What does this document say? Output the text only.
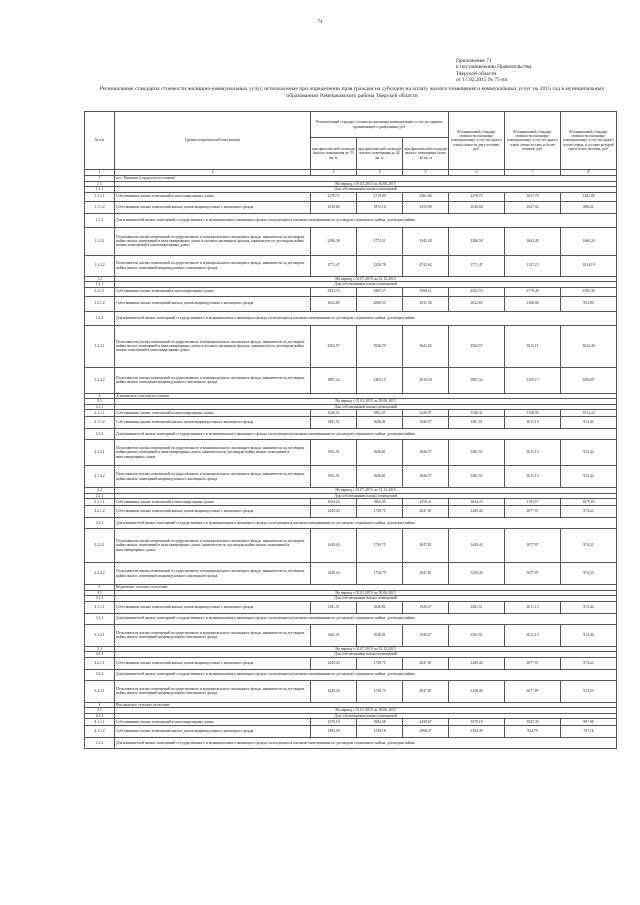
74
Приложение 71
к постановлению Правительства
Тверской области
от 17.02.2015 № 75-пп
Региональные стандарты стоимости жилищно-коммунальных услуг, используемые при определении прав граждан на субсидии на оплату жилого помещения и коммунальных услуг на 2015 год в муниципальных образованиях Рамешковского района Тверской области
№ п/п	Группа потребителей (тип жилья)	Региональный стандарт стоимости жилищно-коммунальных услуг на одиноко проживающего гражданина, руб.			Региональный стандарт стоимости жилищно-коммунальных услуг на одного члена семьи из двух человек, руб.	Региональный стандарт стоимости жилищно-коммунальных услуг на одного члена семьи из трех и более человек, руб.	Региональный стандарт стоимости жилищно-коммунальных услуг на одного члена семьи, в составе которой три и более человек, руб.
		при фактической площади жилого помещения до 33 кв. м	при фактической площади жилого помещения до 42 кв. м	при фактической площади жилого помещения более 42 кв. м			
1	2	3	4	5	6	7	8
1	пос. Рамешки (городское поселение)						
1.1	На период с 01.01.2015 по 30.06.2015						
1.1.1	Для собственников жилых помещений						
1.1.1.1	Собственники жилых помещений в многоквартирных домах	2276,75	2719,09	3261,66	2276,75	1611,78	1441,00
1.1.1.2	Собственники жилых помещений жилых домов индивидуального жилищного фонда	1536,84	1972,16	2350,88	1536,84	1027,92	886,21
1.1.2	Для нанимателей жилых помещений государственного и муниципального жилищного фонда, пользующихся жилыми помещениями по договорам социального найма, договорам найма						
1.1.2.1	Пользователи жилых помещений государственного и муниципального жилищного фонда, наниматели по договорам найма жилых помещений в многоквартирных домах в частных жилищных фондах, наниматели по договорам найма жилых помещений в многоквартирных домах	2286,58	2772,51	3345,20	2286,58	1643,49	1468,24
1.1.2.2	Пользователи жилых помещений государственного и муниципального жилищного фонда, наниматели по договорам найма жилых помещений индивидуального жилищного фонда	1771,47	2220,78	2742,62	1771,47	1137,23	1014,19
1.2	На период с 01.07.2015 по 31.12.2015						
1.2.1	Для собственников жилых помещений						
1.2.1.1	Собственники жилых помещений в многоквартирных домах	2453,74	2963,37	3560,11	2453,74	1779,49	1595,30
1.2.1.2	Собственники жилых помещений жилых домов индивидуального жилищного фонда	1652,69	2066,53	2535,36	1652,69	1166,06	953,89
1.2.2	Для нанимателей жилых помещений государственного и муниципального жилищного фонда, пользующихся жилыми помещениями по договорам социального найма, договорам найма						
1.2.2.1	Пользователи жилых помещений государственного и муниципального жилищного фонда, наниматели по договорам найма жилых помещений в многоквартирных домах в частных жилищных фондах, наниматели по договорам найма жилых помещений в многоквартирных домах	2503,57	3026,79	3641,65	2503,57	1811,11	1622,48
1.2.2.2	Пользователи жилых помещений государственного и муниципального жилищного фонда, наниматели по договорам найма жилых помещений индивидуального жилищного фонда	1887,32	2365,15	2919,50	1887,32	1255,17	1084,87
2	Алешинское сельское поселение						
2.1	На период с 01.01.2015 по 30.06.2015						
2.1.1	Для собственников жилых помещений						
2.1.1.1	Собственники жилых помещений в многоквартирных домах	1546,31	1862,01	2226,97	1546,31	1128,35	1014,24
2.1.1.2	Собственники жилых помещений жилых домов индивидуального жилищного фонда	1361,51	1626,81	1926,57	1361,51	1011,15	913,44
2.1.2	Для нанимателей жилых помещений государственного и муниципального жилищного фонда, пользующихся жилыми помещениями по договорам социального найма, договорам найма						
2.1.2.1	Пользователи жилых помещений государственного и муниципального жилищного фонда, наниматели по договорам найма жилых помещений в многоквартирных домах, наниматели по договорам найма жилых помещений в многоквартирных домах	1361,51	1626,81	1926,57	1361,51	1011,15	913,44
2.1.2.2	Пользователи жилых помещений государственного и муниципального жилищного фонда, наниматели по договорам найма жилых помещений индивидуального жилищного фонда	1361,51	1626,81	1926,57	1361,51	1011,15	913,44
2.2	На период с 01.07.2015 по 31.12.2015						
2.2.1	Для собственников жилых помещений						
2.2.1.1	Собственники жилых помещений в многоквартирных домах	1634,23	1965,95	2350,21	1634,23	1193,57	1075,03
2.2.1.2	Собственники жилых помещений жилых домов индивидуального жилищного фонда	1449,43	1730,75	2047,81	1449,43	1077,97	974,23
2.2.2	Для нанимателей жилых помещений государственного и муниципального жилищного фонда, пользующихся жилыми помещениями по договорам социального найма, договорам найма						
2.2.2.1	Пользователи жилых помещений государственного и муниципального жилищного фонда, наниматели по договорам найма жилых помещений в многоквартирных домах, наниматели по договорам найма жилых помещений в многоквартирных домах	1449,43	1730,75	2047,81	1449,43	1077,97	974,23
2.2.2.2	Пользователи жилых помещений государственного и муниципального жилищного фонда, наниматели по договорам найма жилых помещений индивидуального жилищного фонда	1449,43	1730,75	2047,81	1449,43	1077,97	974,23
3	Ведновское сельское поселение						
3.1	На период с 01.01.2015 по 30.06.2015						
3.1.1	Для собственников жилых помещений						
3.1.1.1	Собственники жилых помещений жилых домов индивидуального жилищного фонда	1361,51	1626,81	1926,57	1361,51	1011,15	913,44
3.1.2	Для нанимателей жилых помещений государственного и муниципального жилищного фонда, пользующихся жилыми помещениями по договорам социального найма, договорам найма						
3.1.2.1	Пользователи жилых помещений государственного и муниципального жилищного фонда, наниматели по договорам найма жилых помещений индивидуального жилищного фонда	1361,51	1626,81	1926,57	1361,51	1011,15	913,44
3.2	На период с 01.07.2015 по 31.12.2015						
3.2.1	Для собственников жилых помещений						
3.2.1.1	Собственники жилых помещений жилых домов индивидуального жилищного фонда	1449,43	1730,75	2047,81	1449,43	1077,97	974,23
3.2.2	Для нанимателей жилых помещений государственного и муниципального жилищного фонда, пользующихся жилыми помещениями по договорам социального найма, договорам найма						
3.2.2.1	Пользователи жилых помещений государственного и муниципального жилищного фонда, наниматели по договорам найма жилых помещений индивидуального жилищного фонда	1449,43	1730,75	2047,81	1449,43	1077,97	974,23
4	Высоковское сельское поселение						
4.1	На период с 01.01.2015 по 30.06.2015						
4.1.1	Для собственников жилых помещений						
4.1.1.1	Собственники жилых помещений в многоквартирных домах	1379,19	1684,38	2439,67	1579,19	1047,30	897,96
4.1.1.2	Собственники жилых помещений жилых домов индивидуального жилищного фонда	1394,39	1749,18	2068,27	1394,39	924,70	797,16
4.1.2	Для нанимателей жилых помещений государственного и муниципального жилищного фонда, пользующихся жилыми помещениями по договорам социального найма, договорам найма						
